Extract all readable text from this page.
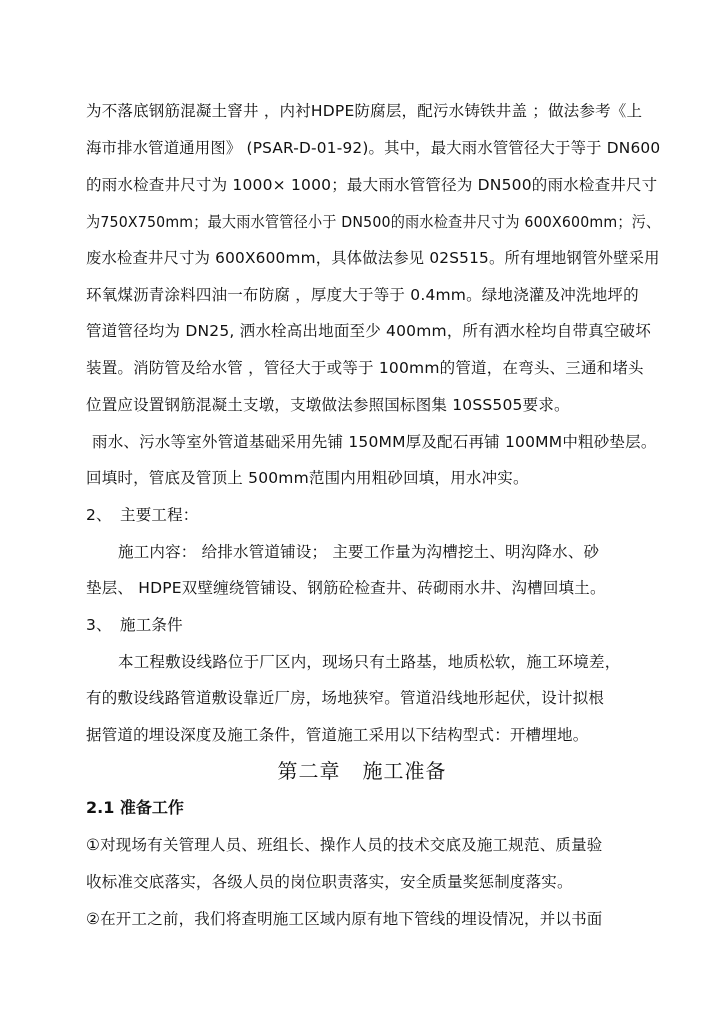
为不落底钢筋混凝土窨井 ，内衬HDPE防腐层，配污水铸铁井盖 ；做法参考《上
海市排水管道通用图》 (PSAR-D-01-92)。其中，最大雨水管管径大于等于 DN600
的雨水检查井尺寸为 1000× 1000；最大雨水管管径为 DN500的雨水检查井尺寸
为750X750mm；最大雨水管管径小于 DN500的雨水检查井尺寸为 600X600mm；污、
废水检查井尺寸为 600X600mm，具体做法参见 02S515。所有埋地钢管外壁采用
环氧煤沥青涂料四油一布防腐 ，厚度大于等于 0.4mm。绿地浇灌及冲洗地坪的
管道管径均为 DN25, 洒水栓高出地面至少 400mm，所有洒水栓均自带真空破坏
装置。消防管及给水管 ，管径大于或等于 100mm的管道，在弯头、三通和堵头
位置应设置钢筋混凝土支墩，支墩做法参照国标图集 10SS505要求。
雨水、污水等室外管道基础采用先铺 150MM厚及配石再铺 100MM中粗砂垫层。
回填时，管底及管顶上 500mm范围内用粗砂回填，用水冲实。
2、 主要工程：
施工内容： 给排水管道铺设； 主要工作量为沟槽挖土、明沟降水、砂
垫层、 HDPE双壁缠绕管铺设、钢筋砼检查井、砖砌雨水井、沟槽回填土。
3、 施工条件
本工程敷设线路位于厂区内，现场只有土路基，地质松软，施工环境差，
有的敷设线路管道敷设靠近厂房，场地狭窄。管道沿线地形起伏，设计拟根
据管道的埋设深度及施工条件，管道施工采用以下结构型式：开槽埋地。
第二章   施工准备
2.1 准备工作
①对现场有关管理人员、班组长、操作人员的技术交底及施工规范、质量验
收标准交底落实，各级人员的岗位职责落实，安全质量奖惩制度落实。
②在开工之前，我们将查明施工区域内原有地下管线的埋设情况，并以书面
